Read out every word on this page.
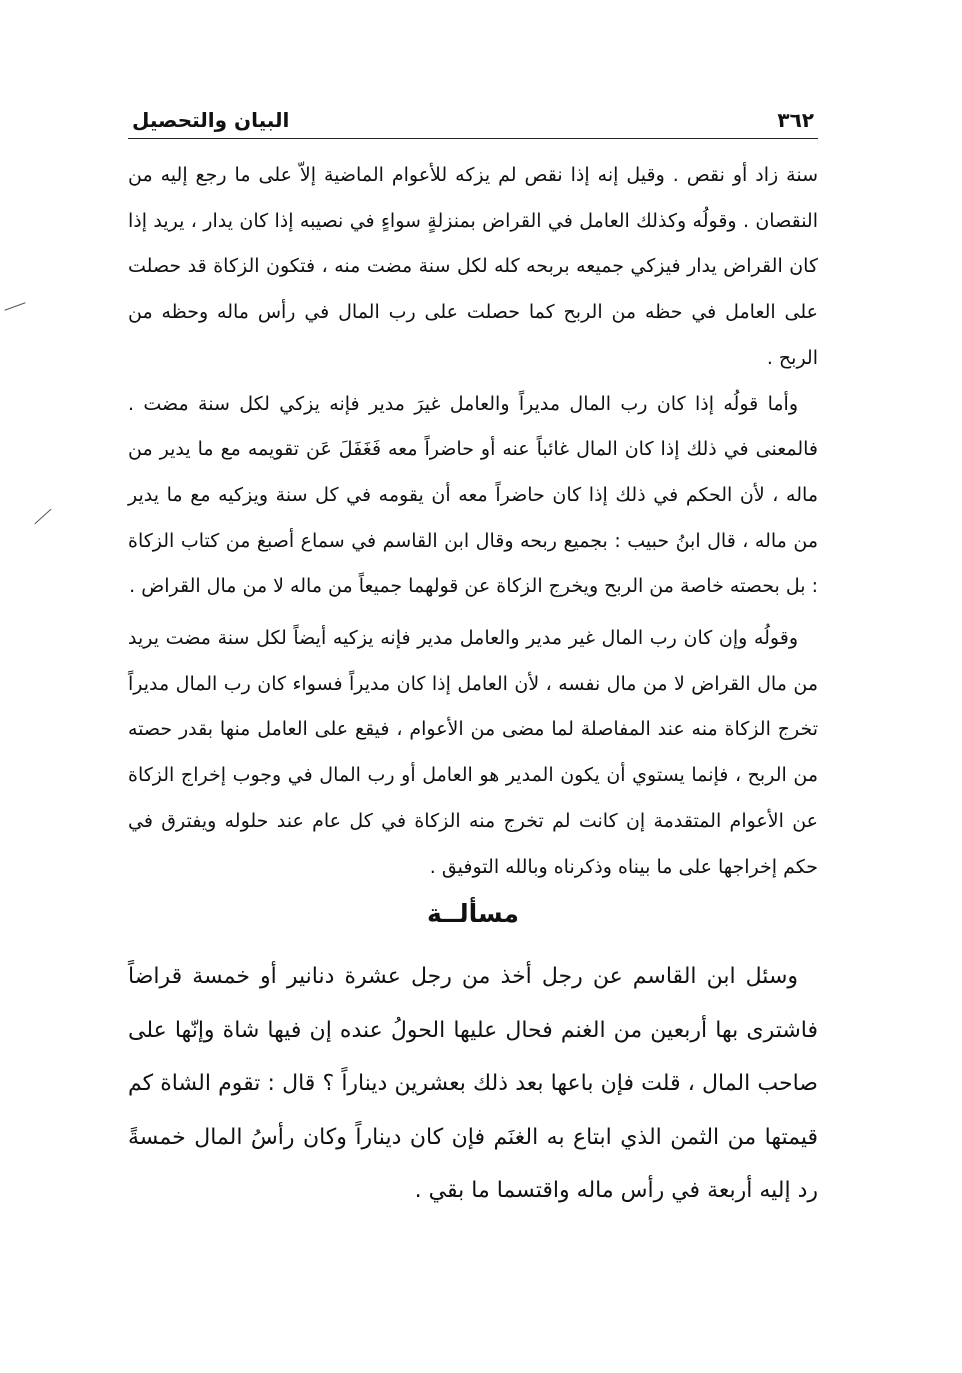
٣٦٢
البيان والتحصيل

سنة زاد أو نقص . وقيل إنه إذا نقص لم يزكه للأعوام الماضية إلاّ على ما رجع إليه من النقصان . وقولُه وكذلك العامل في القراض بمنزلةٍ سواءٍ في نصيبه إذا كان يدار ، يريد إذا كان القراض يدار فيزكي جميعه بربحه كله لكل سنة مضت منه ، فتكون الزكاة قد حصلت على العامل في حظه من الربح كما حصلت على رب المال في رأس ماله وحظه من الربح .

وأما قولُه إذا كان رب المال مديراً والعامل غيرَ مدير فإنه يزكي لكل سنة مضت . فالمعنى في ذلك إذا كان المال غائباً عنه أو حاضراً معه فَغَفَلَ عَن تقويمه مع ما يدير من ماله ، لأن الحكم في ذلك إذا كان حاضراً معه أن يقومه في كل سنة ويزكيه مع ما يدير من ماله ، قال ابنُ حبيب : بجميع ربحه وقال ابن القاسم في سماع أصبغ من كتاب الزكاة : بل بحصته خاصة من الربح ويخرج الزكاة عن قولهما جميعاً من ماله لا من مال القراض .

وقولُه وإن كان رب المال غير مدير والعامل مدير فإنه يزكيه أيضاً لكل سنة مضت يريد من مال القراض لا من مال نفسه ، لأن العامل إذا كان مديراً فسواء كان رب المال مديراً تخرج الزكاة منه عند المفاصلة لما مضى من الأعوام ، فيقع على العامل منها بقدر حصته من الربح ، فإنما يستوي أن يكون المدير هو العامل أو رب المال في وجوب إخراج الزكاة عن الأعوام المتقدمة إن كانت لم تخرج منه الزكاة في كل عام عند حلوله ويفترق في حكم إخراجها على ما بيناه وذكرناه وبالله التوفيق .

مسألــة

وسئل ابن القاسم عن رجل أخذ من رجل عشرة دنانير أو خمسة قراضاً فاشترى بها أربعين من الغنم فحال عليها الحولُ عنده إن فيها شاة وإنّها على صاحب المال ، قلت فإن باعها بعد ذلك بعشرين ديناراً ؟ قال : تقوم الشاة كم قيمتها من الثمن الذي ابتاع به الغنَم فإن كان ديناراً وكان رأسُ المال خمسةً رد إليه أربعة في رأس ماله واقتسما ما بقي .
